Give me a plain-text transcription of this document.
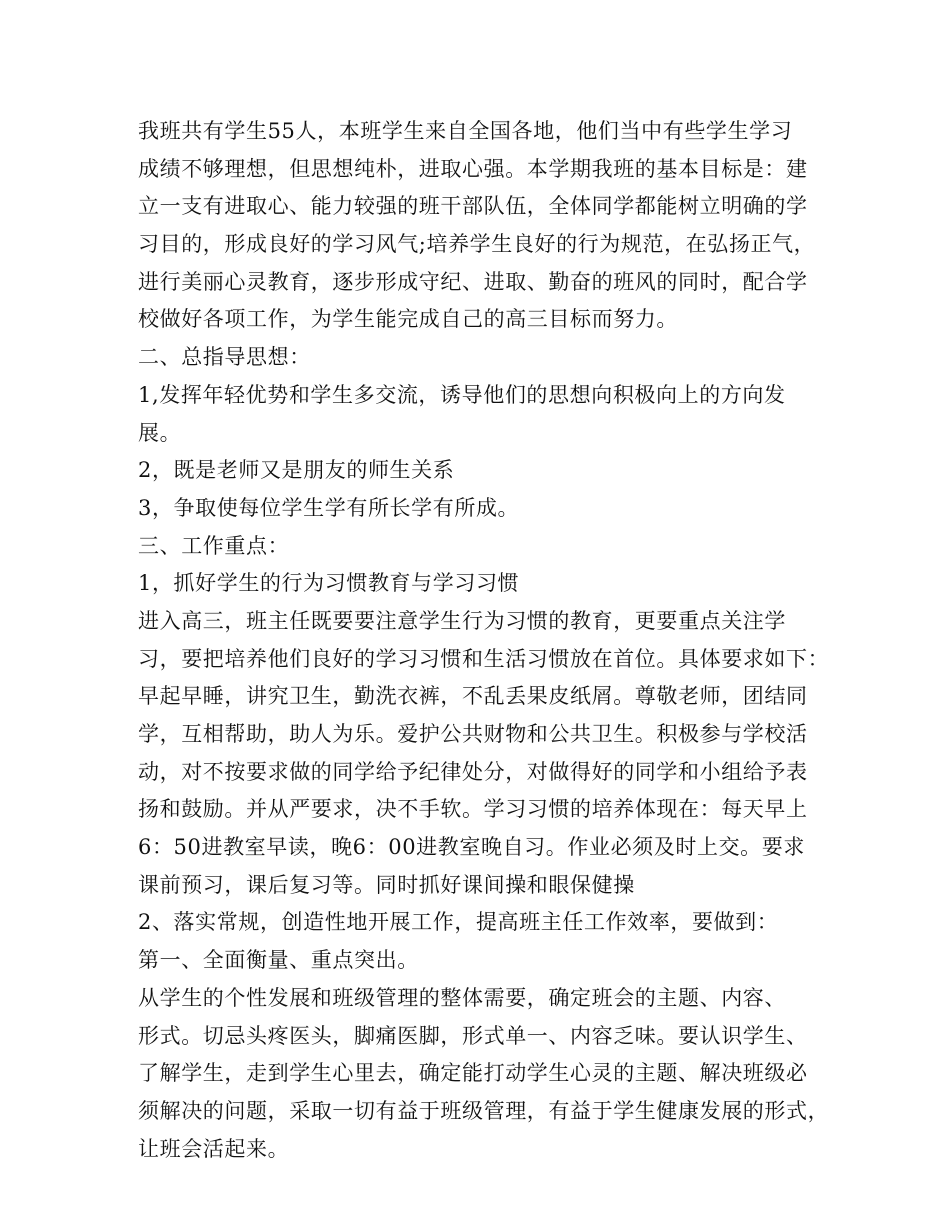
我班共有学生55人，本班学生来自全国各地，他们当中有些学生学习
成绩不够理想，但思想纯朴，进取心强。本学期我班的基本目标是：建
立一支有进取心、能力较强的班干部队伍，全体同学都能树立明确的学
习目的，形成良好的学习风气;培养学生良好的行为规范，在弘扬正气，
进行美丽心灵教育，逐步形成守纪、进取、勤奋的班风的同时，配合学
校做好各项工作，为学生能完成自己的高三目标而努力。
二、总指导思想：
1,发挥年轻优势和学生多交流，诱导他们的思想向积极向上的方向发
展。
2，既是老师又是朋友的师生关系
3，争取使每位学生学有所长学有所成。
三、工作重点：
1，抓好学生的行为习惯教育与学习习惯
进入高三，班主任既要要注意学生行为习惯的教育，更要重点关注学
习，要把培养他们良好的学习习惯和生活习惯放在首位。具体要求如下：
早起早睡，讲究卫生，勤洗衣裤，不乱丢果皮纸屑。尊敬老师，团结同
学，互相帮助，助人为乐。爱护公共财物和公共卫生。积极参与学校活
动，对不按要求做的同学给予纪律处分，对做得好的同学和小组给予表
扬和鼓励。并从严要求，决不手软。学习习惯的培养体现在：每天早上
6：50进教室早读，晚6：00进教室晚自习。作业必须及时上交。要求
课前预习，课后复习等。同时抓好课间操和眼保健操
2、落实常规，创造性地开展工作，提高班主任工作效率，要做到：
第一、全面衡量、重点突出。
从学生的个性发展和班级管理的整体需要，确定班会的主题、内容、
形式。切忌头疼医头，脚痛医脚，形式单一、内容乏味。要认识学生、
了解学生，走到学生心里去，确定能打动学生心灵的主题、解决班级必
须解决的问题，采取一切有益于班级管理，有益于学生健康发展的形式，
让班会活起来。
